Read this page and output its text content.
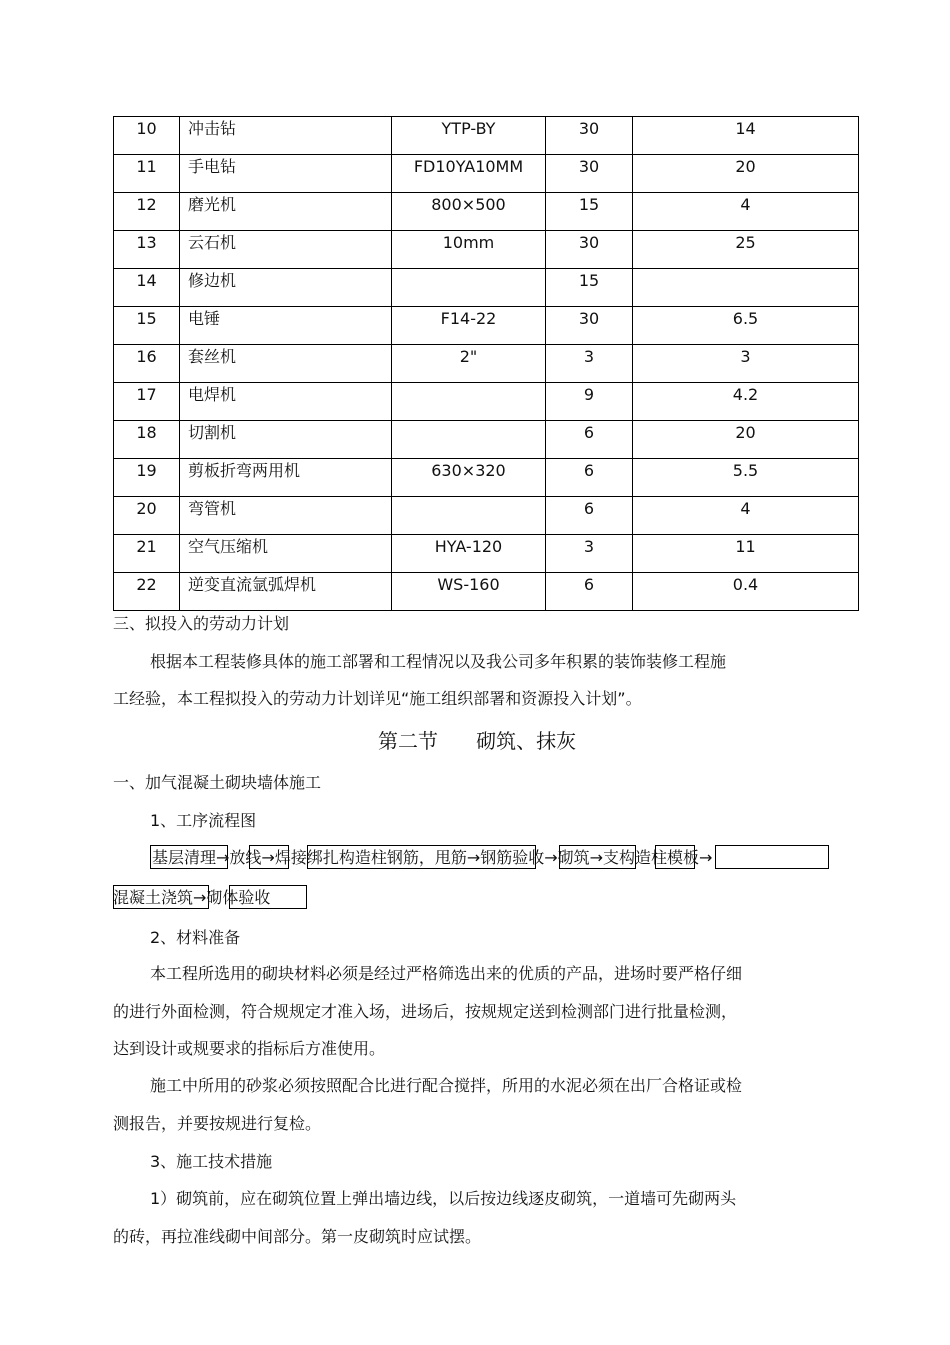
10	冲击钻	YTP-BY	30	14
11	手电钻	FD10YA10MM	30	20
12	磨光机	800×500	15	4
13	云石机	10mm	30	25
14	修边机		15	
15	电锤	F14-22	30	6.5
16	套丝机	2"	3	3
17	电焊机		9	4.2
18	切割机		6	20
19	剪板折弯两用机	630×320	6	5.5
20	弯管机		6	4
21	空气压缩机	HYA-120	3	11
22	逆变直流氩弧焊机	WS-160	6	0.4
三、拟投入的劳动力计划
根据本工程装修具体的施工部署和工程情况以及我公司多年积累的装饰装修工程施
工经验，本工程拟投入的劳动力计划详见“施工组织部署和资源投入计划”。
第二节      砌筑、抹灰
一、加气混凝土砌块墙体施工
1、工序流程图
基层清理→放线→焊接绑扎构造柱钢筋，甩筋→钢筋验收→砌筑→支构造柱模板→
混凝土浇筑→砌体验收
2、材料准备
本工程所选用的砌块材料必须是经过严格筛选出来的优质的产品，进场时要严格仔细
的进行外面检测，符合规规定才准入场，进场后，按规规定送到检测部门进行批量检测，
达到设计或规要求的指标后方准使用。
施工中所用的砂浆必须按照配合比进行配合搅拌，所用的水泥必须在出厂合格证或检
测报告，并要按规进行复检。
3、施工技术措施
1）砌筑前，应在砌筑位置上弹出墙边线，以后按边线逐皮砌筑，一道墙可先砌两头
的砖，再拉准线砌中间部分。第一皮砌筑时应试摆。
